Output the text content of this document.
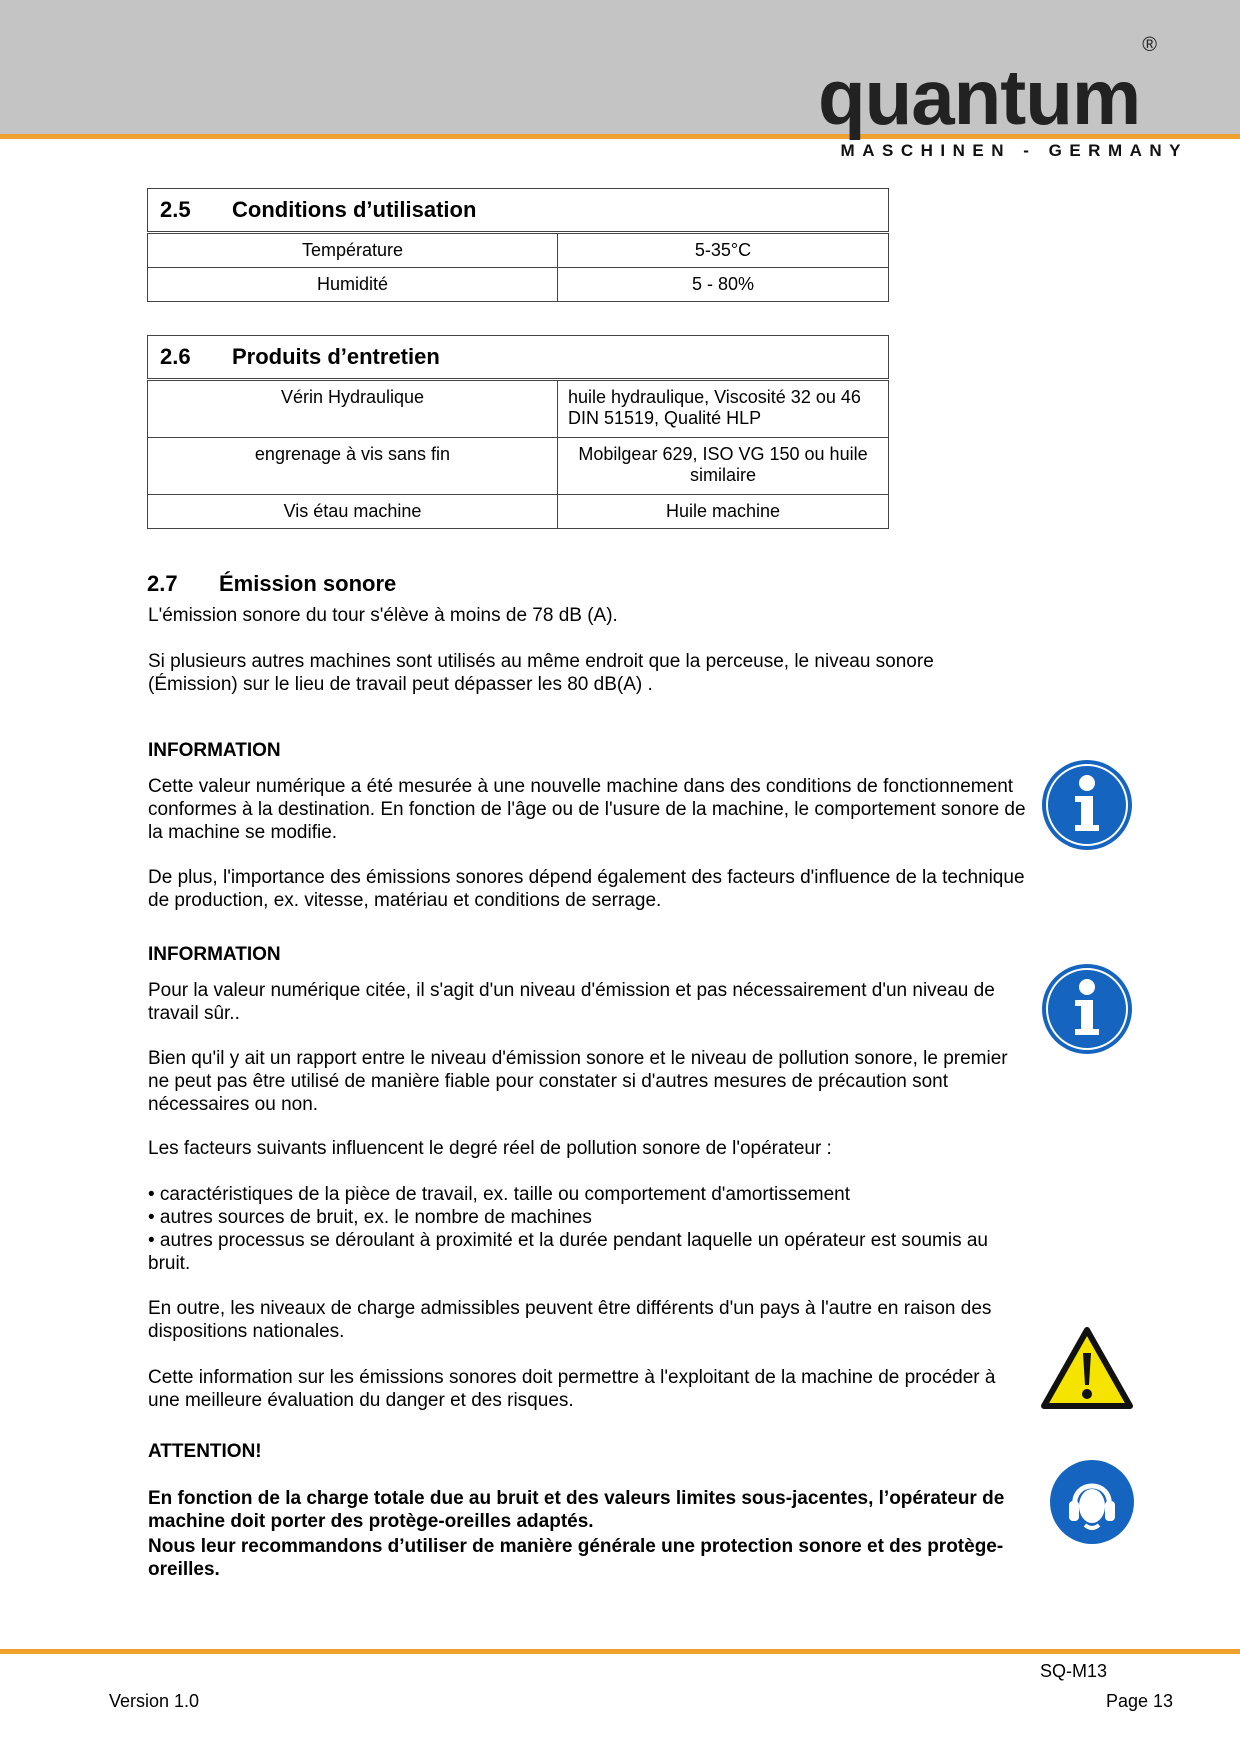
quantum®
MASCHINEN - GERMANY
2.5 Conditions d’utilisation	
Température	5-35°C
Humidité	5 - 80%
2.6 Produits d’entretien	
Vérin Hydraulique	huile hydraulique, Viscosité 32 ou 46 DIN 51519, Qualité HLP
engrenage à vis sans fin	Mobilgear 629, ISO VG 150 ou huile similaire
Vis étau machine	Huile machine
2.7 Émission sonore
L'émission sonore du tour s'élève à moins de 78 dB (A).
Si plusieurs autres machines sont utilisés au même endroit que la perceuse, le niveau sonore (Émission) sur le lieu de travail peut dépasser les 80 dB(A) .
INFORMATION
Cette valeur numérique a été mesurée à une nouvelle machine dans des conditions de fonctionnement conformes à la destination. En fonction de l'âge ou de l'usure de la machine, le comportement sonore de la machine se modifie.
De plus, l'importance des émissions sonores dépend également des facteurs d'influence de la technique de production, ex. vitesse, matériau et conditions de serrage.
INFORMATION
Pour la valeur numérique citée, il s'agit d'un niveau d'émission et pas nécessairement d'un niveau de travail sûr..
Bien qu'il y ait un rapport entre le niveau d'émission sonore et le niveau de pollution sonore, le premier ne peut pas être utilisé de manière fiable pour constater si d'autres mesures de précaution sont nécessaires ou non.
Les facteurs suivants influencent le degré réel de pollution sonore de l'opérateur :
• caractéristiques de la pièce de travail, ex. taille ou comportement d'amortissement
• autres sources de bruit, ex. le nombre de machines
• autres processus se déroulant à proximité et la durée pendant laquelle un opérateur est soumis au bruit.
En outre, les niveaux de charge admissibles peuvent être différents d'un pays à l'autre en raison des dispositions nationales.
Cette information sur les émissions sonores doit permettre à l'exploitant de la machine de procéder à une meilleure évaluation du danger et des risques.
ATTENTION!
En fonction de la charge totale due au bruit et des valeurs limites sous-jacentes, l’opérateur de machine doit porter des protège-oreilles adaptés.
Nous leur recommandons d’utiliser de manière générale une protection sonore et des protège-oreilles.
SQ-M13
Version 1.0	Page 13
